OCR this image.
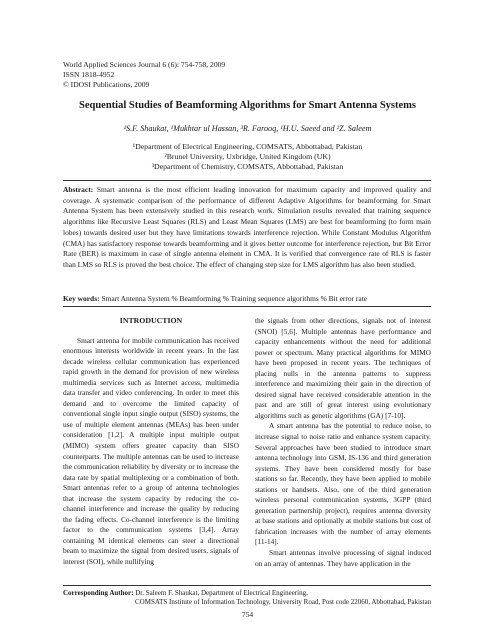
World Applied Sciences Journal 6 (6): 754-758, 2009
ISSN 1818-4952
© IDOSI Publications, 2009
Sequential Studies of Beamforming Algorithms for Smart Antenna Systems
¹S.F. Shaukat, ¹Mukhtar ul Hassan, ³R. Farooq, ¹H.U. Saeed and ²Z. Saleem
¹Department of Electrical Engineering, COMSATS, Abbottabad, Pakistan
²Brunel University, Uxbridge, United Kingdom (UK)
³Department of Chemistry, COMSATS, Abbottabad, Pakistan
Abstract: Smart antenna is the most efficient leading innovation for maximum capacity and improved quality and coverage. A systematic comparison of the performance of different Adaptive Algorithms for beamforming for Smart Antenna System has been extensively studied in this research work. Simulation results revealed that training sequence algorithms like Recursive Least Squares (RLS) and Least Mean Squares (LMS) are best for beamforming (to form main lobes) towards desired user but they have limitations towards interference rejection. While Constant Modulus Algorithm (CMA) has satisfactory response towards beamforming and it gives better outcome for interference rejection, but Bit Error Rate (BER) is maximum in case of single antenna element in CMA. It is verified that convergence rate of RLS is faster than LMS so RLS is proved the best choice. The effect of changing step size for LMS algorithm has also been studied.
Key words: Smart Antenna System % Beamforming % Training sequence algorithms % Bit error rate
INTRODUCTION

Smart antenna for mobile communication has received enormous interests worldwide in recent years. In the last decade wireless cellular communication has experienced rapid growth in the demand for provision of new wireless multimedia services such as Internet access, multimedia data transfer and video conferencing. In order to meet this demand and to overcome the limited capacity of conventional single input single output (SISO) systems, the use of multiple element antennas (MEAs) has been under consideration [1,2]. A multiple input multiple output (MIMO) system offers greater capacity than SISO counterparts. The multiple antennas can be used to increase the communication reliability by diversity or to increase the data rate by spatial multiplexing or a combination of both. Smart antennas refer to a group of antenna technologies that increase the system capacity by reducing the co-channel interference and increase the quality by reducing the fading effects. Co-channel interference is the limiting factor to the communication systems [3,4]. Array containing M identical elements can steer a directional beam to maximize the signal from desired users, signals of interest (SOI), while nullifying

the signals from other directions, signals not of interest (SNOI) [5,6]. Multiple antennas have performance and capacity enhancements without the need for additional power or spectrum. Many practical algorithms for MIMO have been proposed in recent years. The techniques of placing nulls in the antenna patterns to suppress interference and maximizing their gain in the direction of desired signal have received considerable attention in the past and are still of great interest using evolutionary algorithms such as genetic algorithms (GA) [7-10].

A smart antenna has the potential to reduce noise, to increase signal to noise ratio and enhance system capacity. Several approaches have been studied to introduce smart antenna technology into GSM, IS-136 and third generation systems. They have been considered mostly for base stations so far. Recently, they have been applied to mobile stations or handsets. Also, one of the third generation wireless personal communication systems, 3GPP (third generation partnership project), requires antenna diversity at base stations and optionally at mobile stations but cost of fabrication increases with the number of array elements [11-14].

Smart antennas involve processing of signal induced on an array of antennas. They have application in the

Corresponding Author: Dr. Saleem F. Shaukat, Department of Electrical Engineering,
COMSATS Institute of Information Technology, University Road, Post code 22060, Abbottabad, Pakistan
754
